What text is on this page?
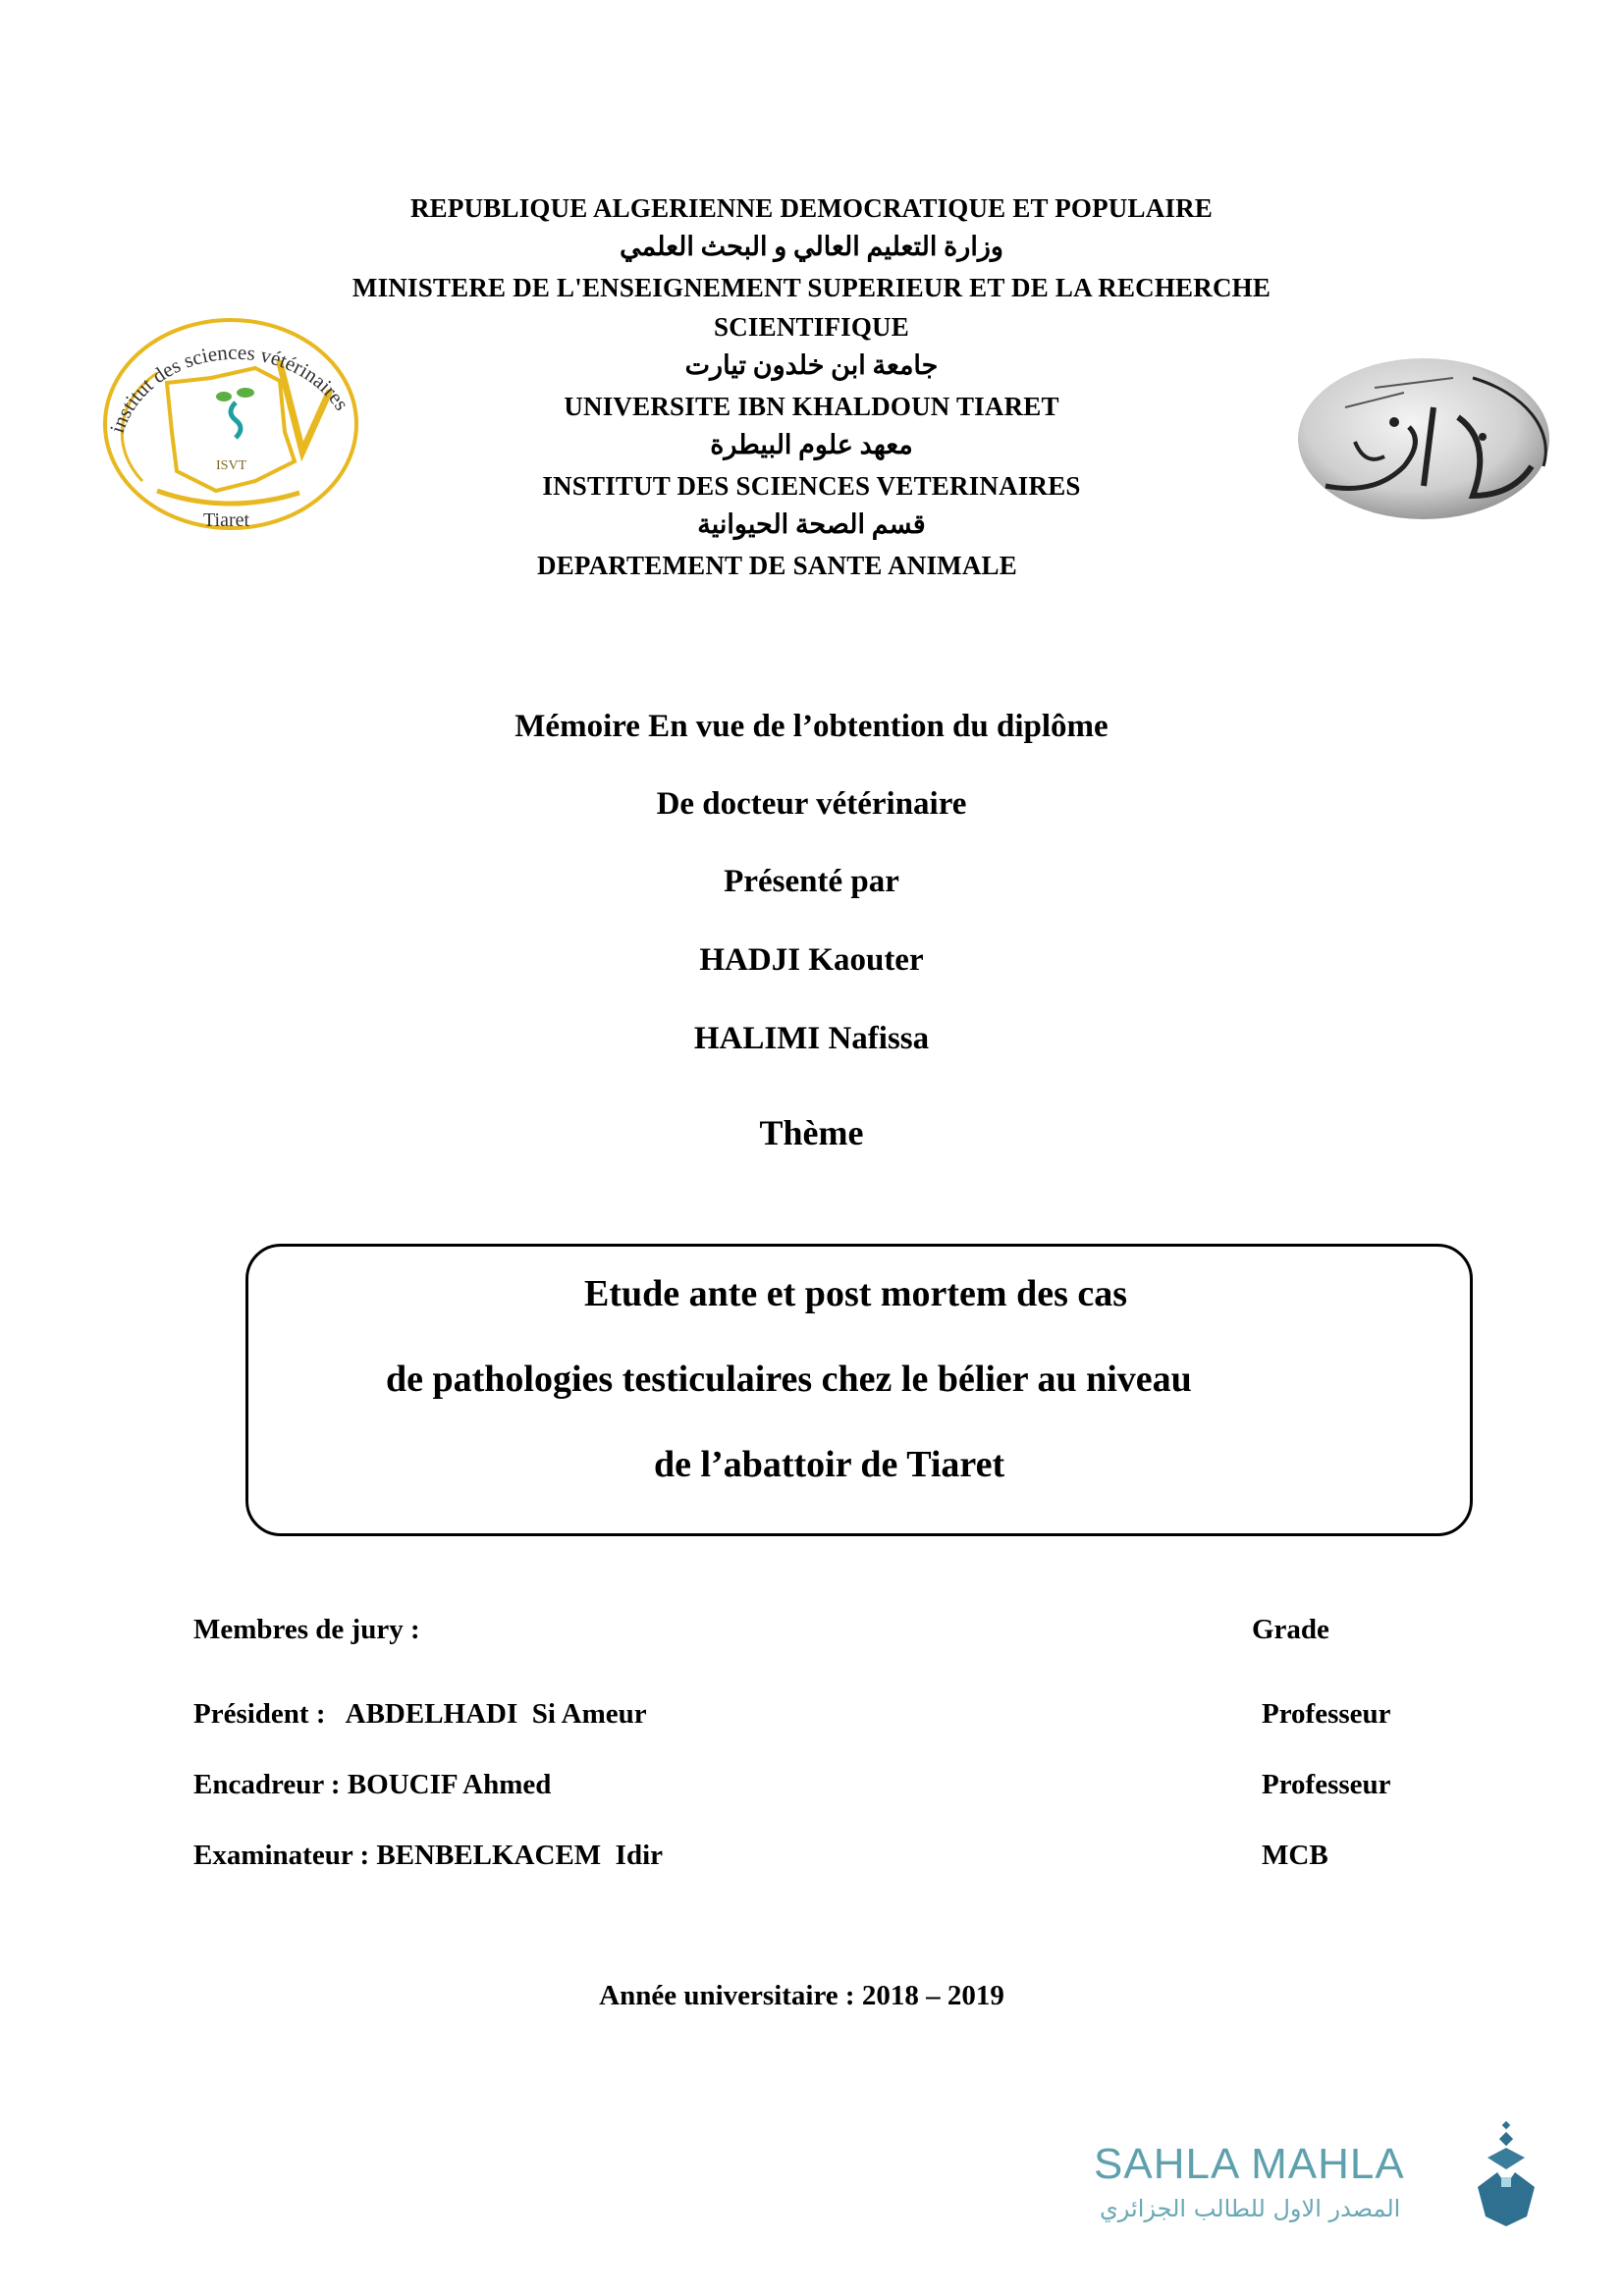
REPUBLIQUE ALGERIENNE DEMOCRATIQUE ET POPULAIRE
وزارة التعليم العالي و البحث العلمي
MINISTERE DE L'ENSEIGNEMENT SUPERIEUR ET DE LA RECHERCHE
SCIENTIFIQUE
جامعة ابن خلدون تيارت
UNIVERSITE IBN KHALDOUN TIARET
معهد علوم البيطرة
INSTITUT DES SCIENCES VETERINAIRES
قسم الصحة الحيوانية
DEPARTEMENT DE SANTE ANIMALE
ISVT
institut des sciences vétérinaires
Tiaret
Mémoire En vue de l’obtention du diplôme
De docteur vétérinaire
Présenté par
HADJI Kaouter
HALIMI Nafissa
Thème
Etude ante et post mortem des cas
de pathologies testiculaires chez le bélier au niveau
de l’abattoir de Tiaret
Membres de jury :	Grade
Président :   ABDELHADI  Si Ameur	Professeur
Encadreur : BOUCIF Ahmed	Professeur
Examinateur : BENBELKACEM  Idir	MCB
Année universitaire : 2018 – 2019
SAHLA MAHLA
المصدر الاول للطالب الجزائري
